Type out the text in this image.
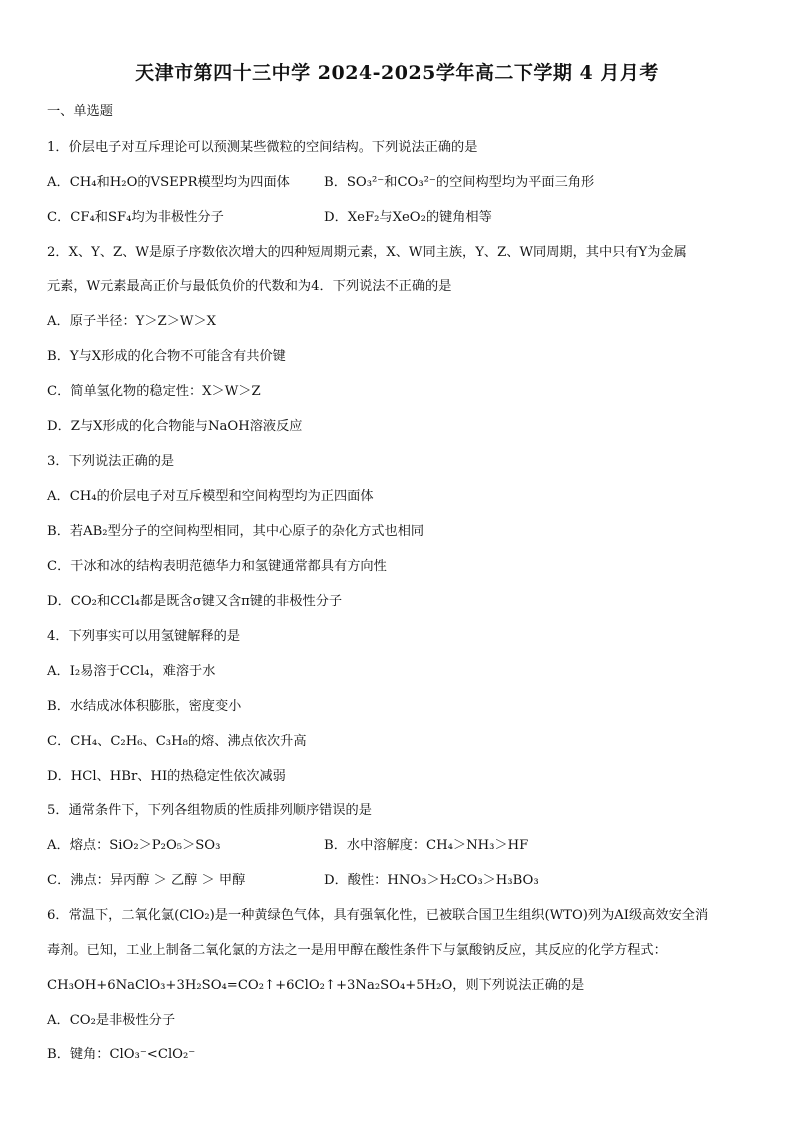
天津市第四十三中学 2024-2025学年高二下学期 4 月月考
一、单选题
1．价层电子对互斥理论可以预测某些微粒的空间结构。下列说法正确的是
A．CH₄和H₂O的VSEPR模型均为四面体	B．SO₃²⁻和CO₃²⁻的空间构型均为平面三角形
C．CF₄和SF₄均为非极性分子	D．XeF₂与XeO₂的键角相等
2．X、Y、Z、W是原子序数依次增大的四种短周期元素，X、W同主族，Y、Z、W同周期，其中只有Y为金属
元素，W元素最高正价与最低负价的代数和为4．下列说法不正确的是
A．原子半径：Y＞Z＞W＞X
B．Y与X形成的化合物不可能含有共价键
C．简单氢化物的稳定性：X＞W＞Z
D．Z与X形成的化合物能与NaOH溶液反应
3．下列说法正确的是
A．CH₄的价层电子对互斥模型和空间构型均为正四面体
B．若AB₂型分子的空间构型相同，其中心原子的杂化方式也相同
C．干冰和冰的结构表明范德华力和氢键通常都具有方向性
D．CO₂和CCl₄都是既含σ键又含π键的非极性分子
4．下列事实可以用氢键解释的是
A．I₂易溶于CCl₄，难溶于水
B．水结成冰体积膨胀，密度变小
C．CH₄、C₂H₆、C₃H₈的熔、沸点依次升高
D．HCl、HBr、HI的热稳定性依次减弱
5．通常条件下，下列各组物质的性质排列顺序错误的是
A．熔点：SiO₂＞P₂O₅＞SO₃	B．水中溶解度：CH₄＞NH₃＞HF
C．沸点：异丙醇 ＞ 乙醇 ＞ 甲醇	D．酸性：HNO₃＞H₂CO₃＞H₃BO₃
6．常温下，二氧化氯(ClO₂)是一种黄绿色气体，具有强氧化性，已被联合国卫生组织(WTO)列为AI级高效安全消
毒剂。已知，工业上制备二氧化氯的方法之一是用甲醇在酸性条件下与氯酸钠反应，其反应的化学方程式：
CH₃OH+6NaClO₃+3H₂SO₄=CO₂↑+6ClO₂↑+3Na₂SO₄+5H₂O，则下列说法正确的是
A．CO₂是非极性分子
B．键角：ClO₃⁻<ClO₂⁻
